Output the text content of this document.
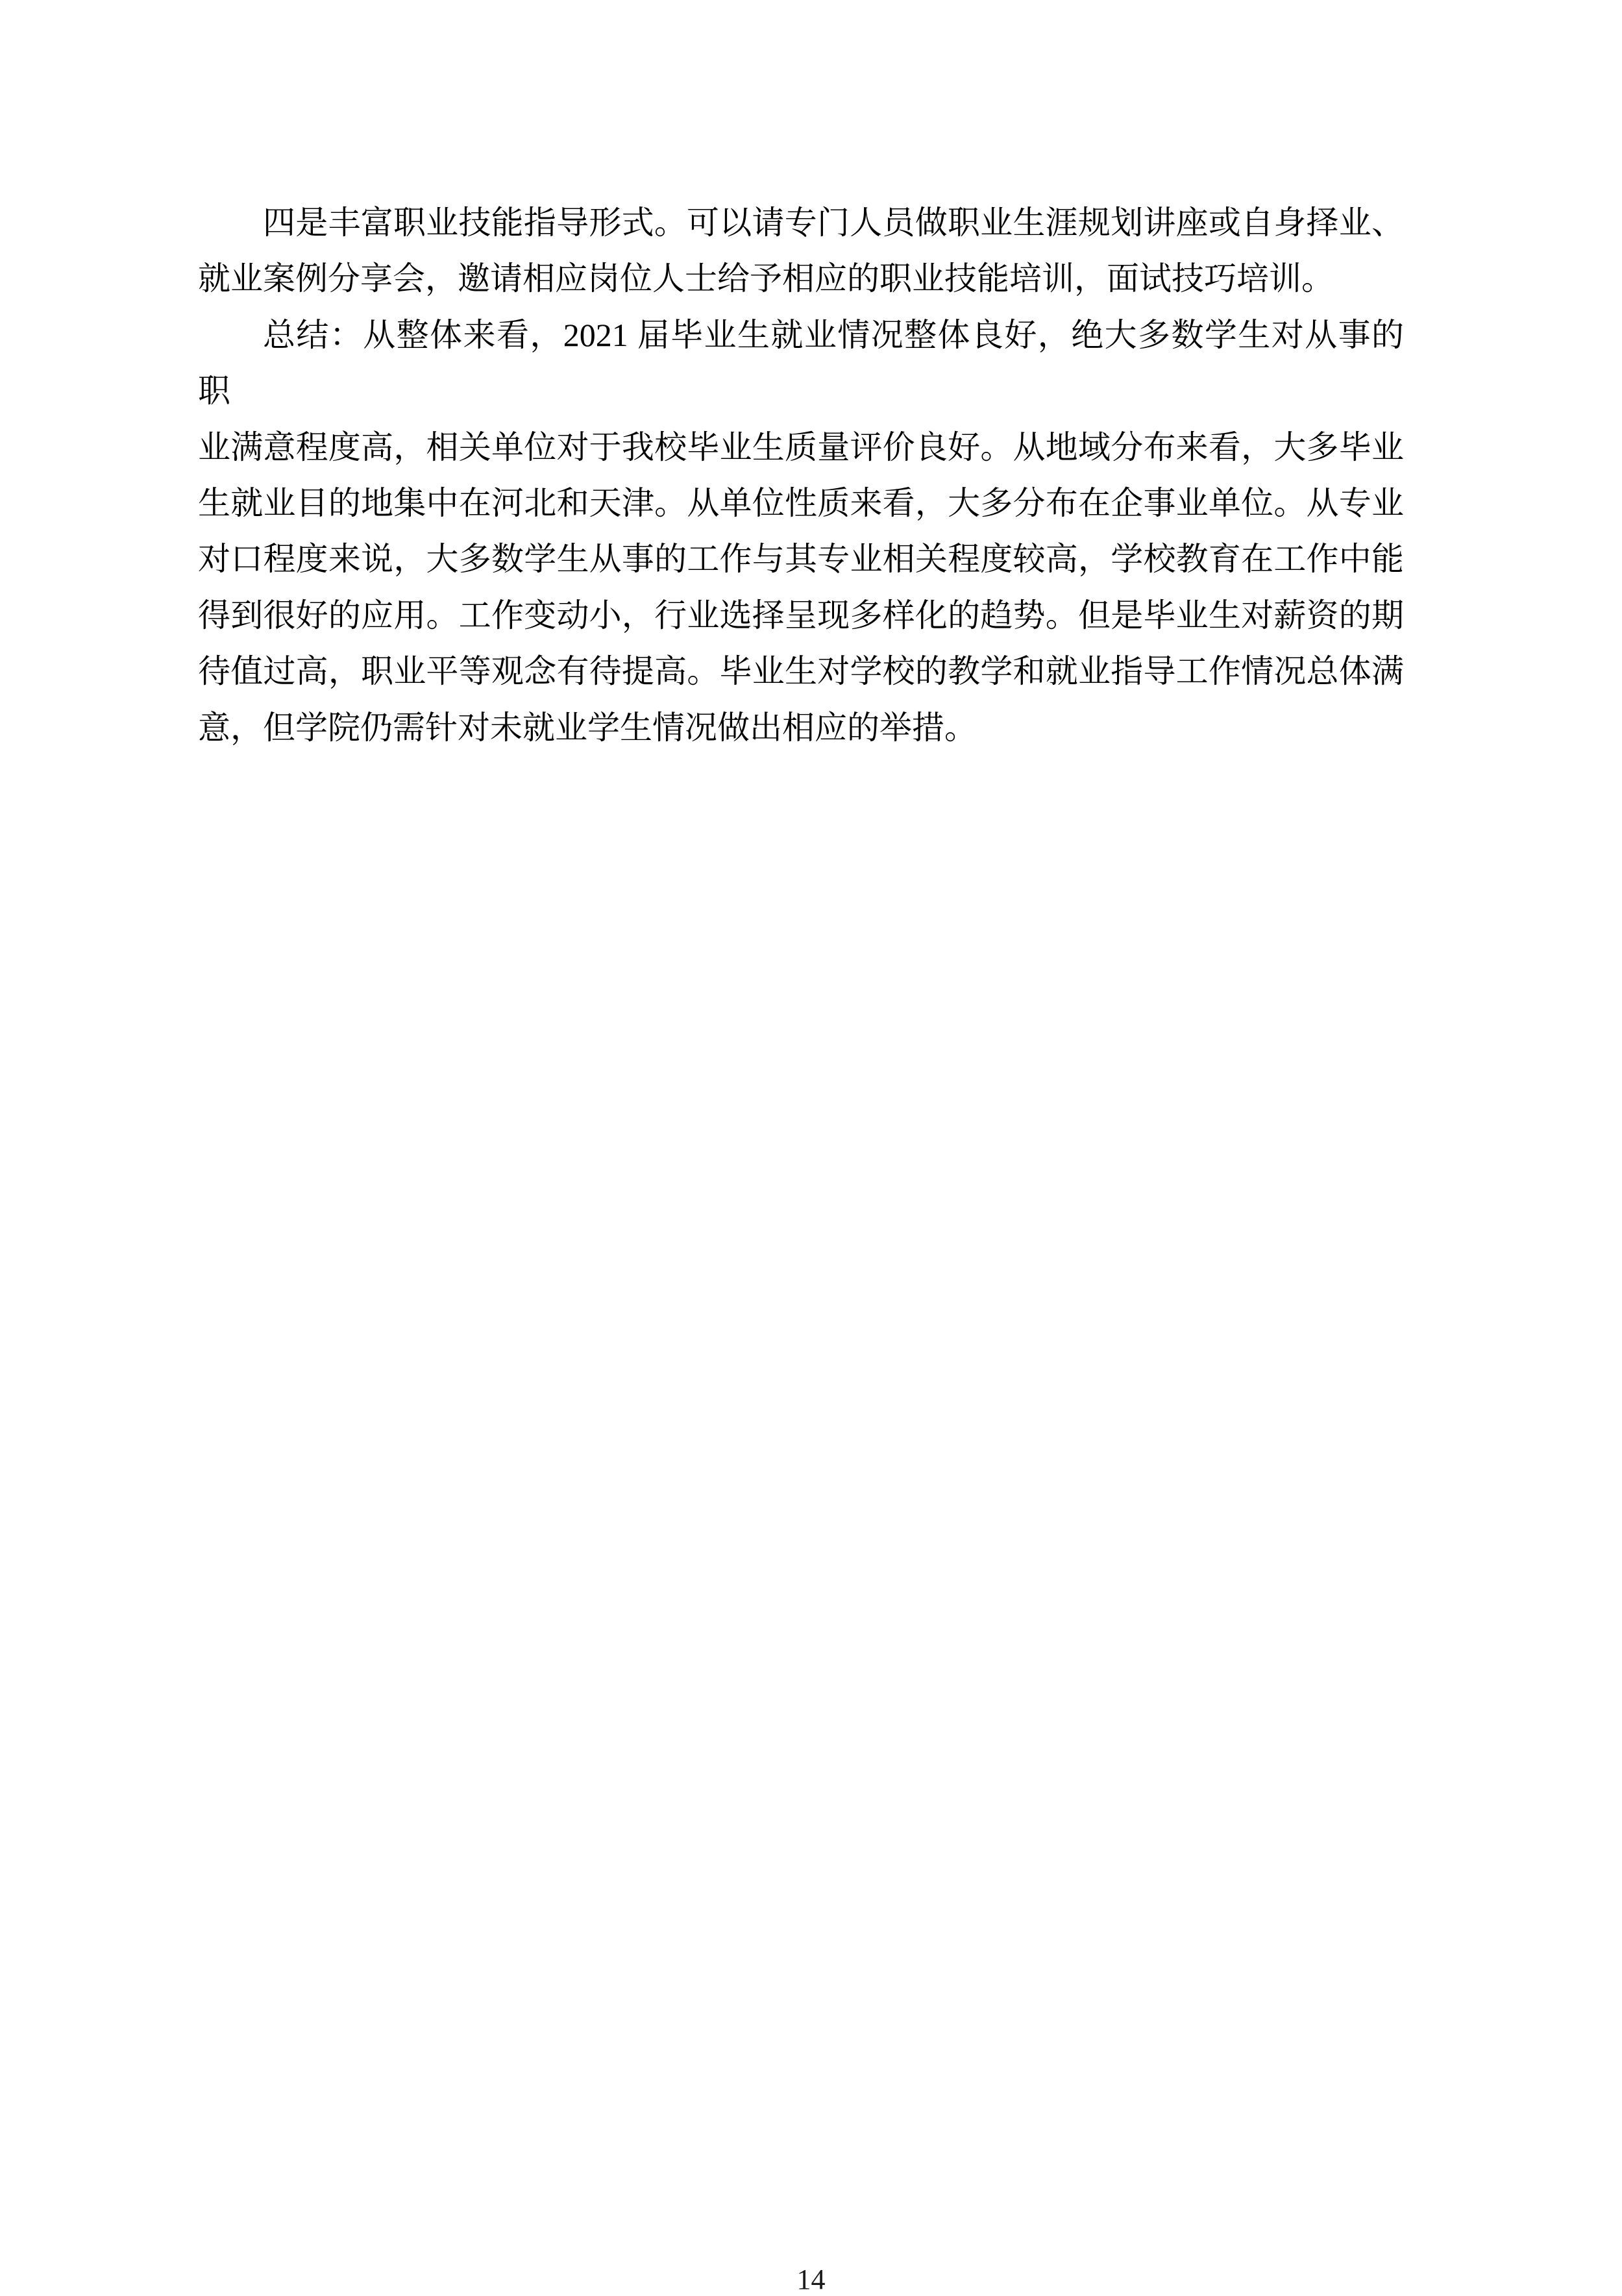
四是丰富职业技能指导形式。可以请专门人员做职业生涯规划讲座或自身择业、
就业案例分享会，邀请相应岗位人士给予相应的职业技能培训，面试技巧培训。
总结：从整体来看，2021 届毕业生就业情况整体良好，绝大多数学生对从事的职
业满意程度高，相关单位对于我校毕业生质量评价良好。从地域分布来看，大多毕业
生就业目的地集中在河北和天津。从单位性质来看，大多分布在企事业单位。从专业
对口程度来说，大多数学生从事的工作与其专业相关程度较高，学校教育在工作中能
得到很好的应用。工作变动小，行业选择呈现多样化的趋势。但是毕业生对薪资的期
待值过高，职业平等观念有待提高。毕业生对学校的教学和就业指导工作情况总体满
意，但学院仍需针对未就业学生情况做出相应的举措。
14
